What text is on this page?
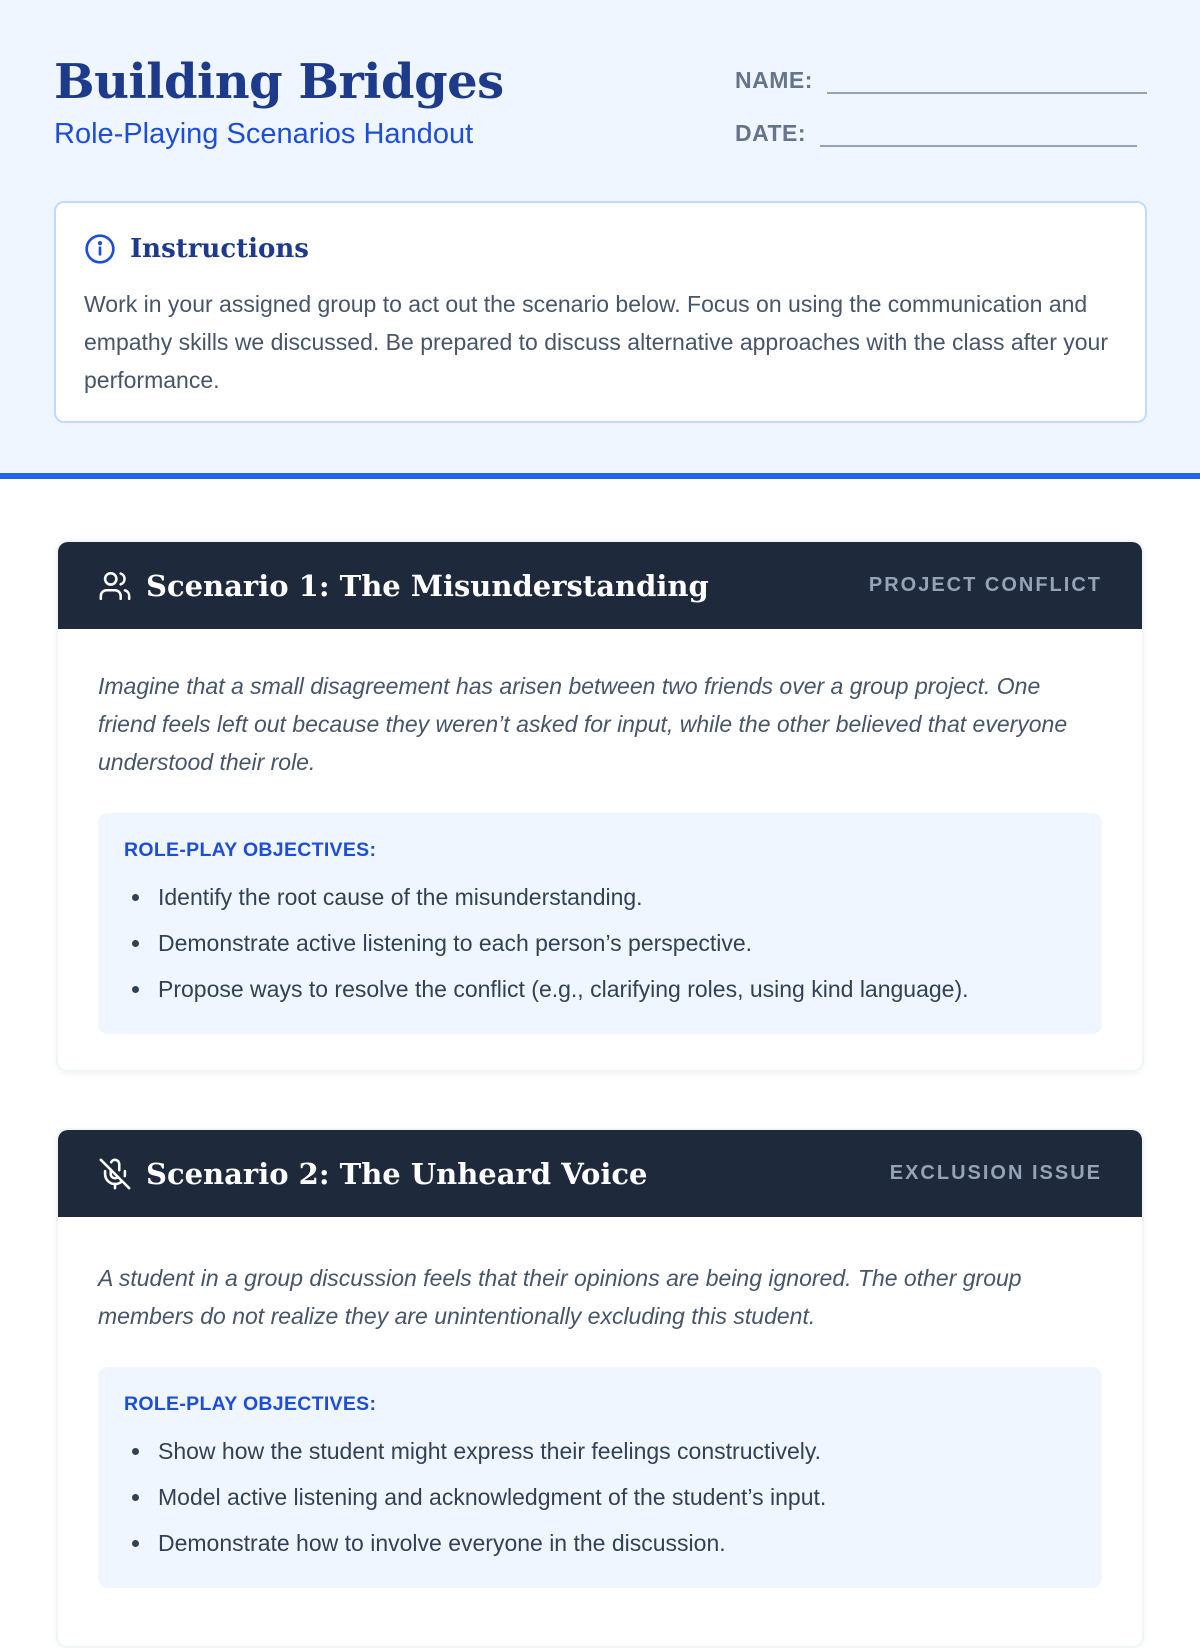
Building Bridges
Role-Playing Scenarios Handout
NAME:
DATE:
Instructions

Work in your assigned group to act out the scenario below. Focus on using the communication and empathy skills we discussed. Be prepared to discuss alternative approaches with the class after your performance.

Scenario 1: The Misunderstanding	PROJECT CONFLICT

Imagine that a small disagreement has arisen between two friends over a group project. One friend feels left out because they weren’t asked for input, while the other believed that everyone understood their role.

ROLE-PLAY OBJECTIVES:
Identify the root cause of the misunderstanding.
Demonstrate active listening to each person’s perspective.
Propose ways to resolve the conflict (e.g., clarifying roles, using kind language).
Scenario 2: The Unheard Voice	EXCLUSION ISSUE

A student in a group discussion feels that their opinions are being ignored. The other group members do not realize they are unintentionally excluding this student.

ROLE-PLAY OBJECTIVES:
Show how the student might express their feelings constructively.
Model active listening and acknowledgment of the student’s input.
Demonstrate how to involve everyone in the discussion.
